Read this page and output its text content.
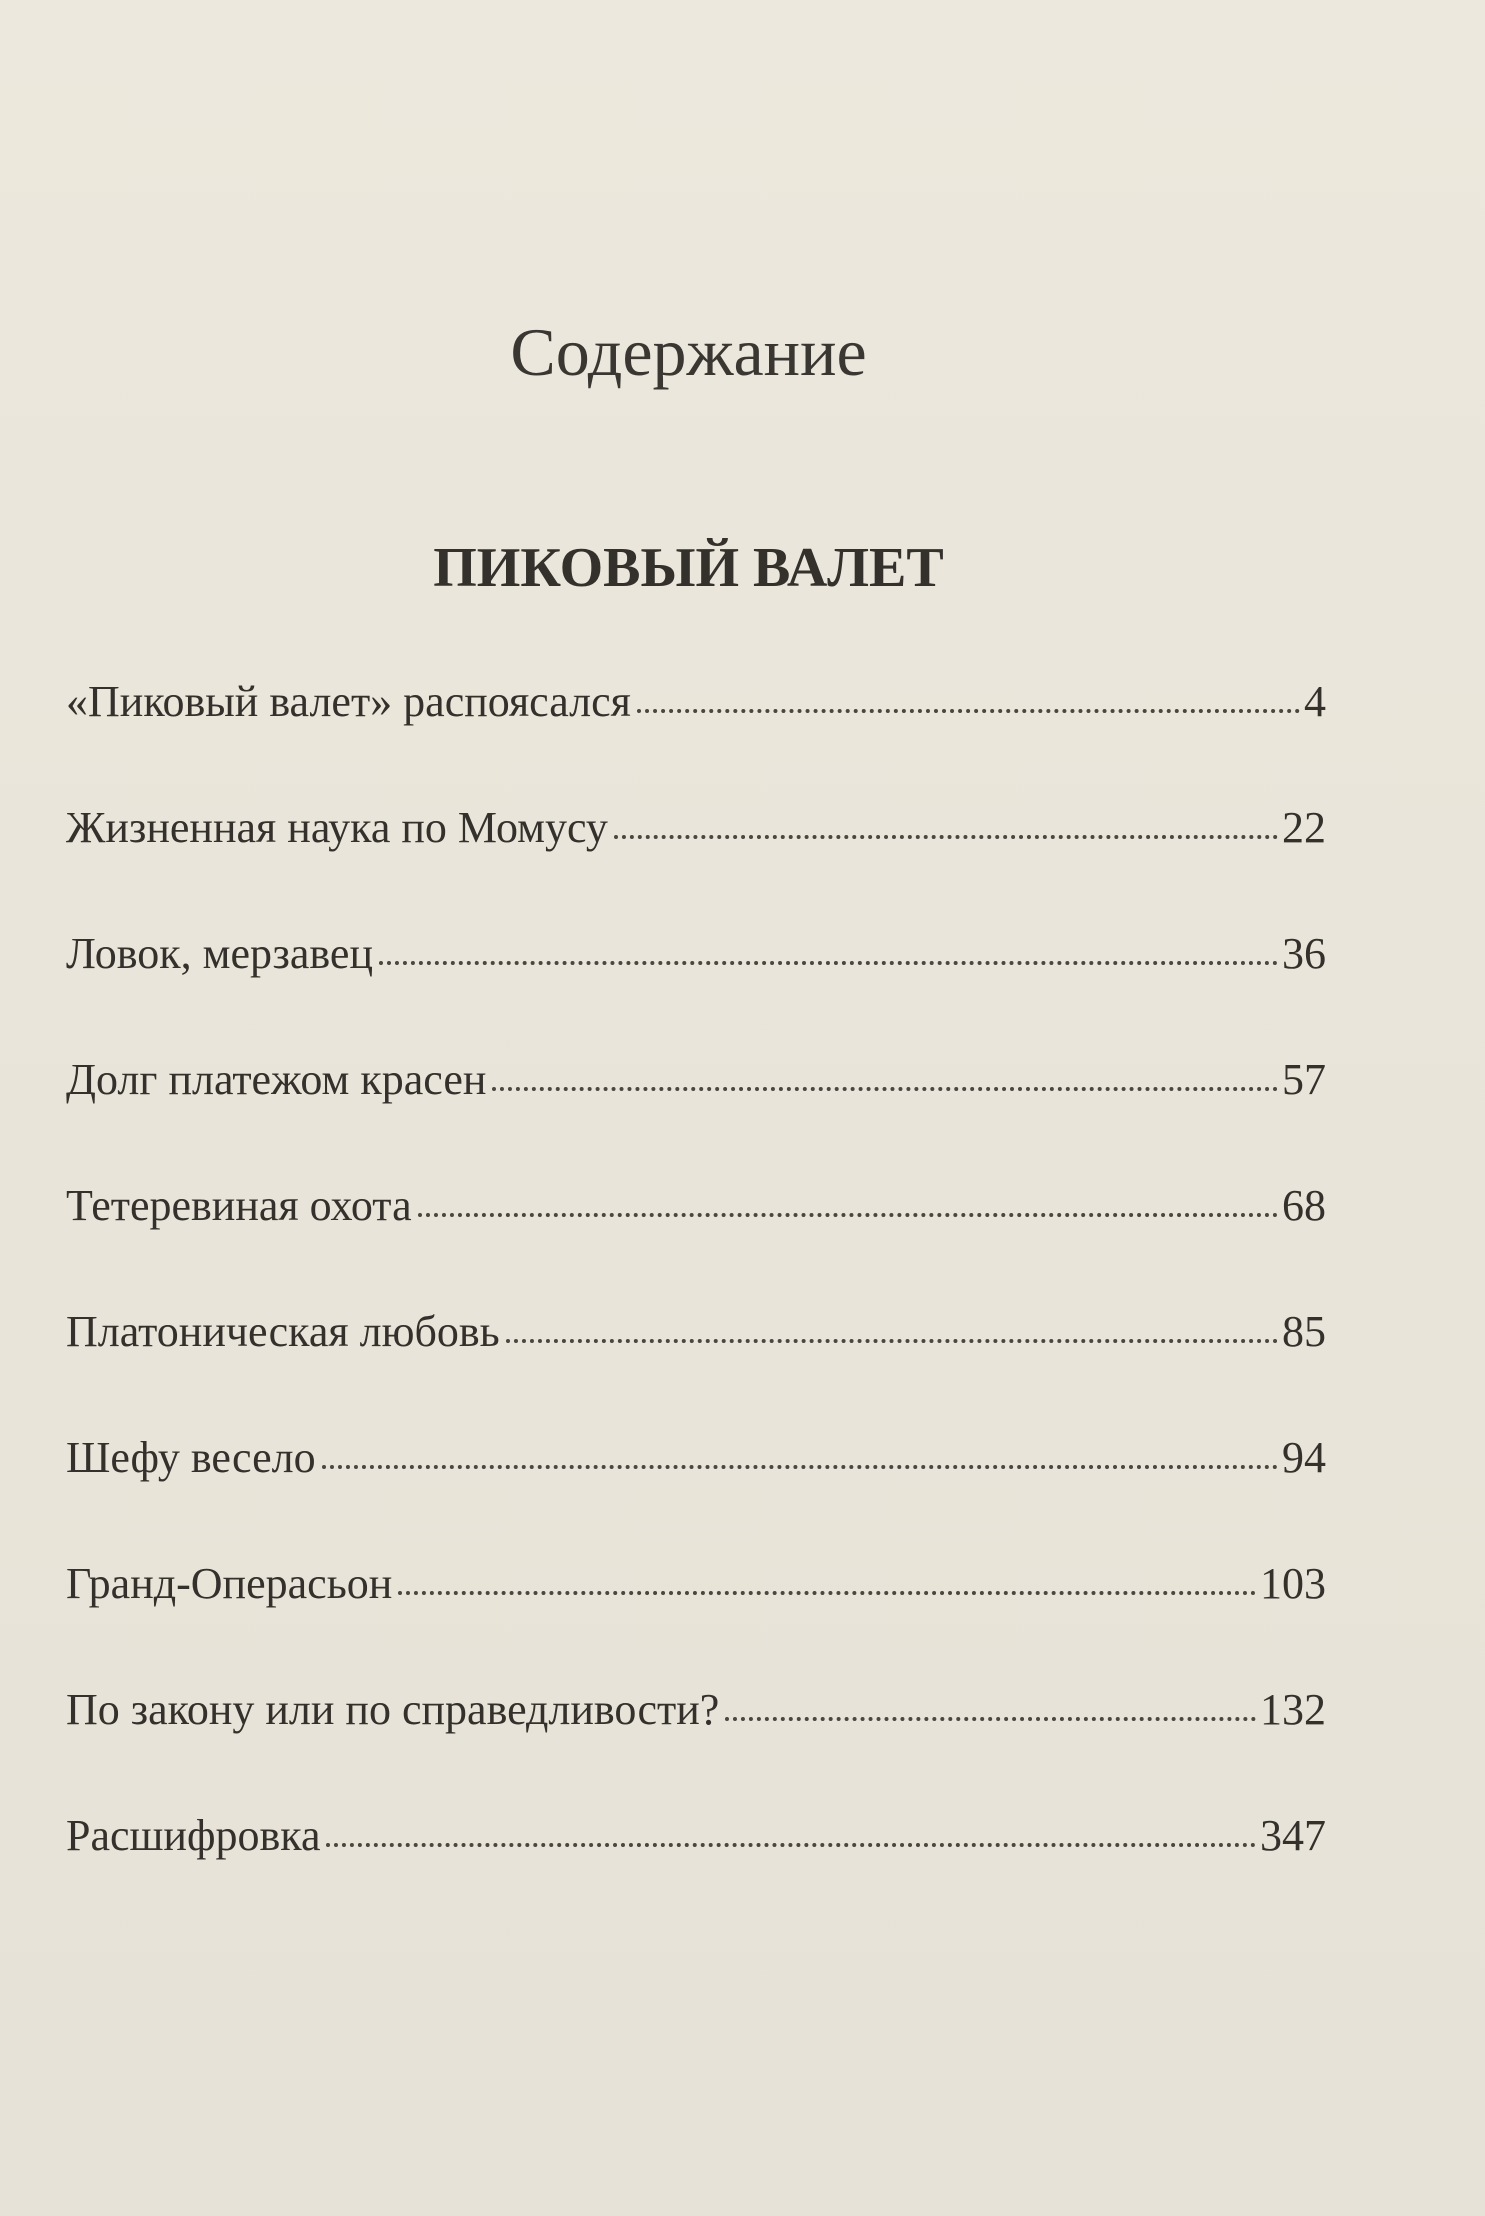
Содержание
ПИКОВЫЙ ВАЛЕТ
«Пиковый валет» распоясался	4
Жизненная наука по Момусу	22
Ловок, мерзавец	36
Долг платежом красен	57
Тетеревиная охота	68
Платоническая любовь	85
Шефу весело	94
Гранд-Операсьон	103
По закону или по справедливости?	132
Расшифровка	347
